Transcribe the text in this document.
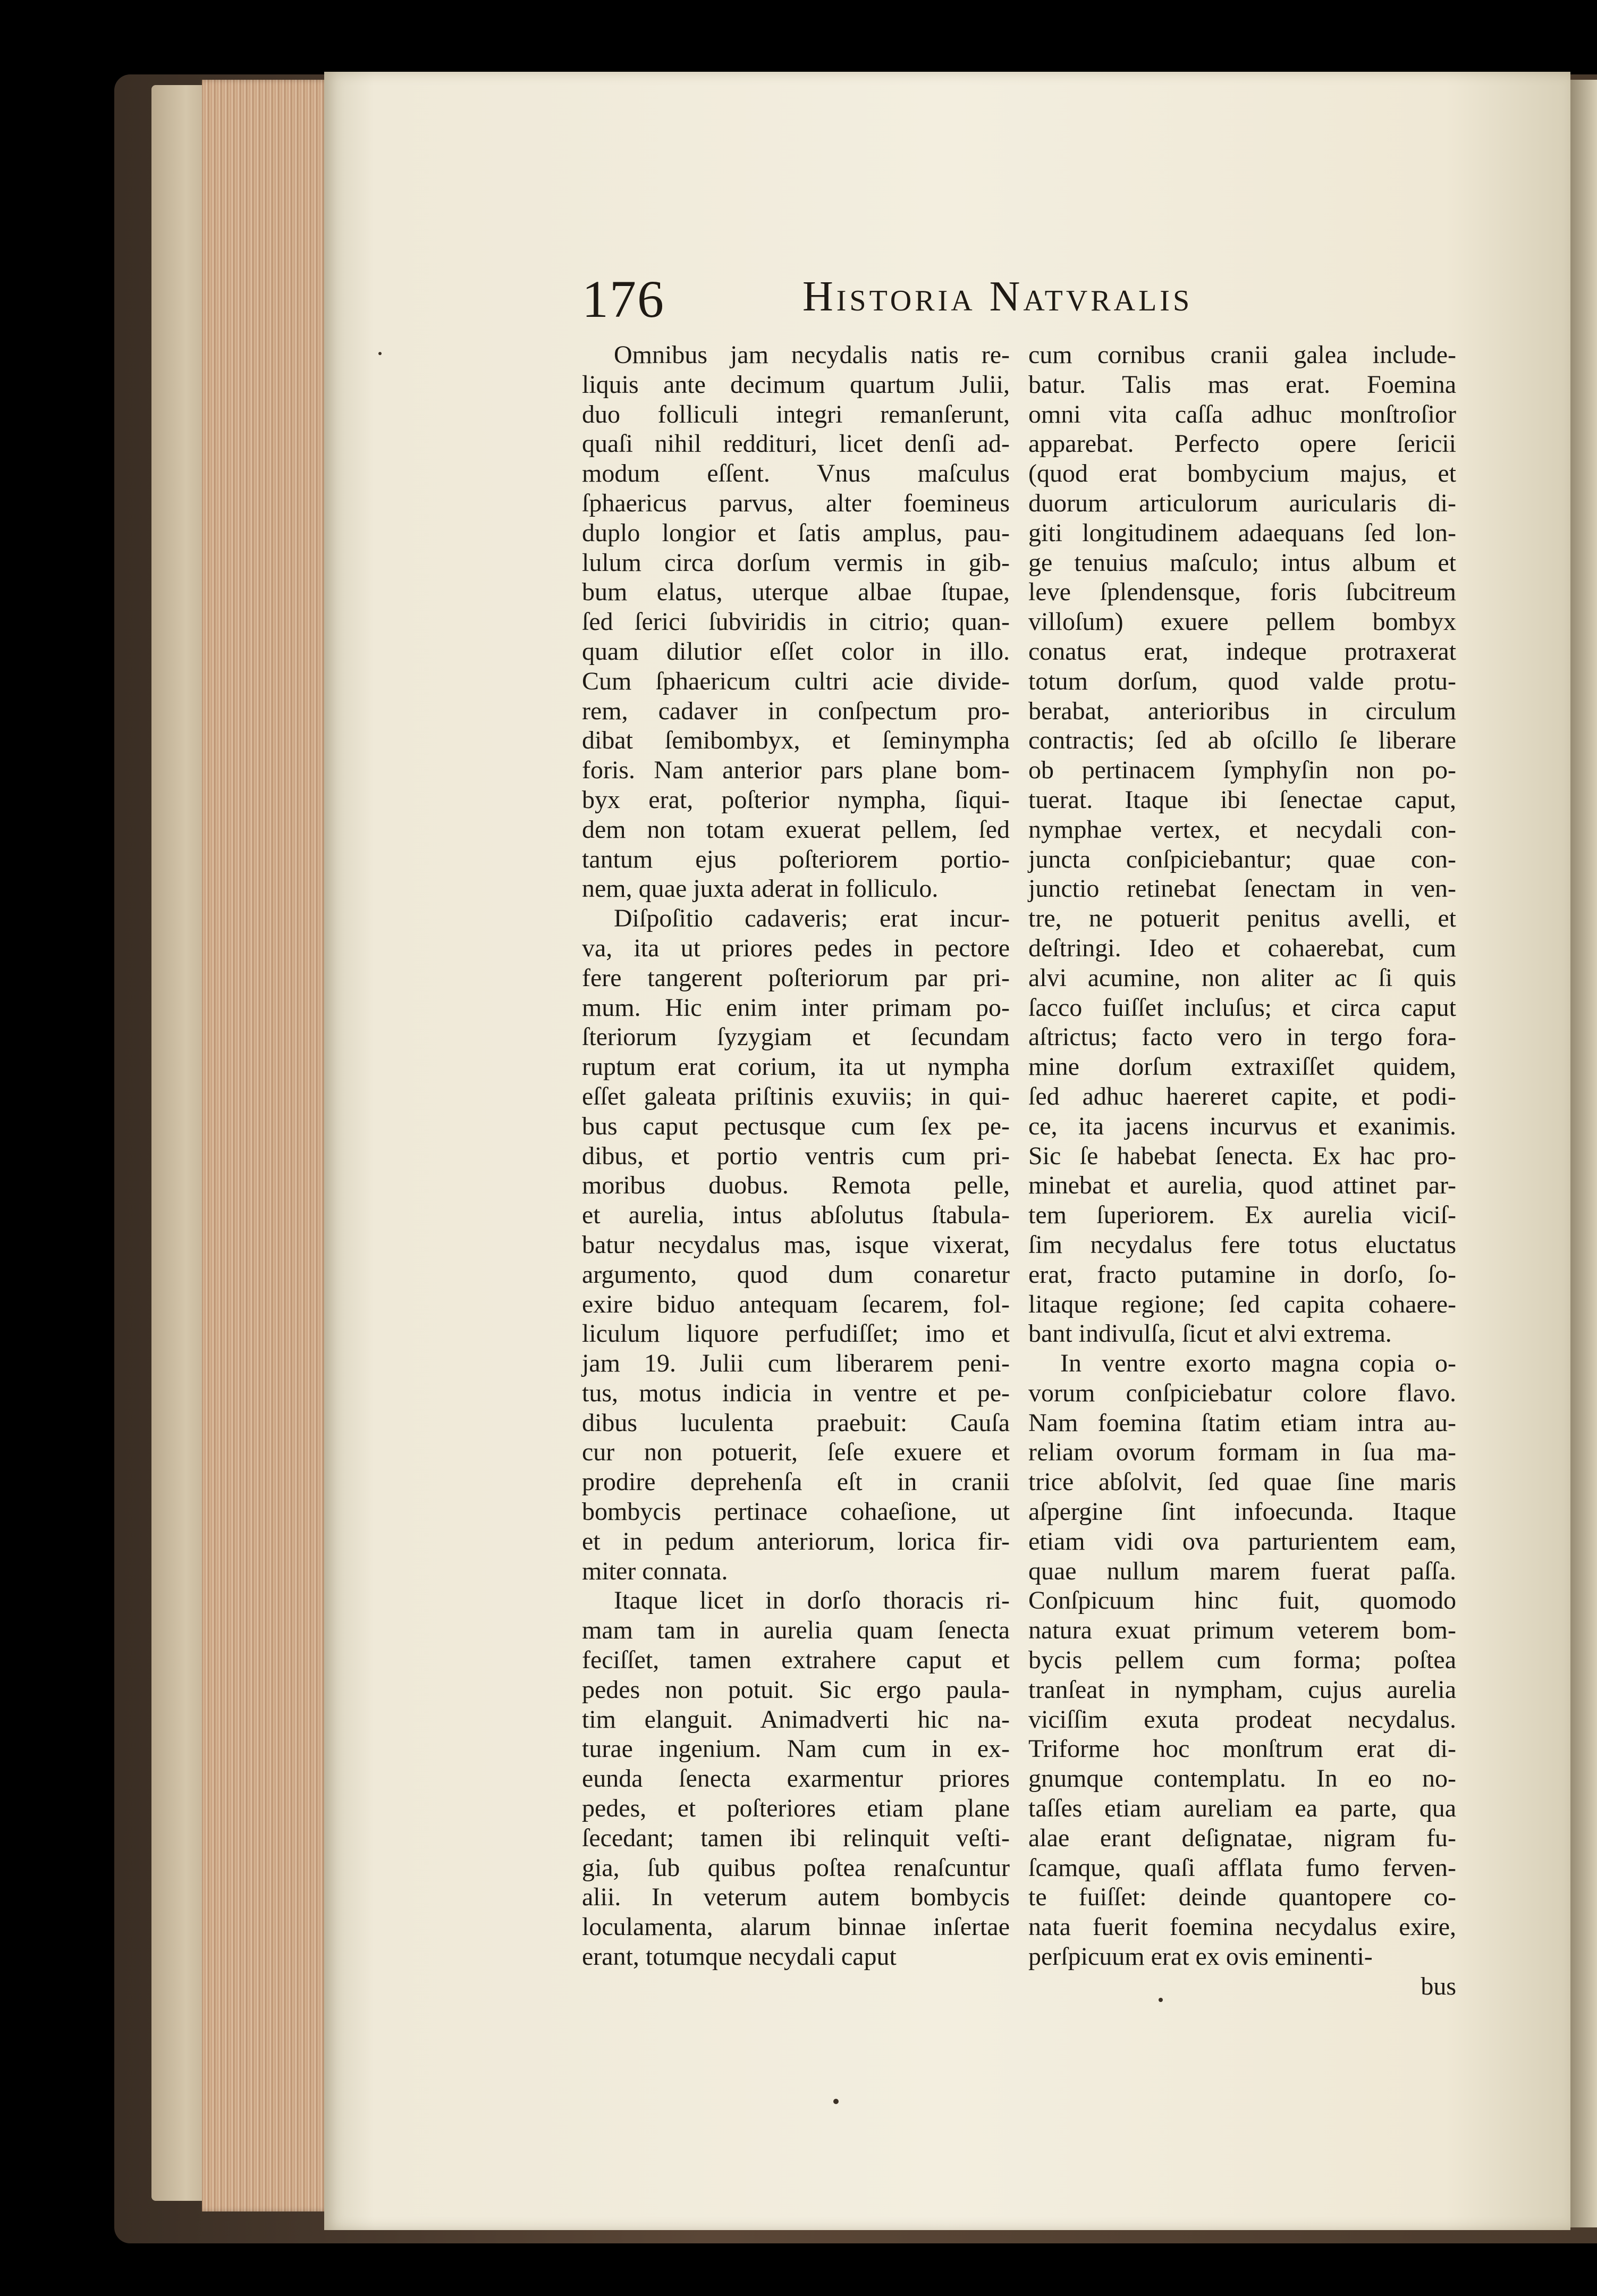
176	Historia Natvralis
Omnibus jam necydalis natis re-
liquis ante decimum quartum Julii,
duo folliculi integri remanſerunt,
quaſi nihil reddituri, licet denſi ad-
modum eſſent. Vnus maſculus
ſphaericus parvus, alter foemineus
duplo longior et ſatis amplus, pau-
lulum circa dorſum vermis in gib-
bum elatus, uterque albae ſtupae,
ſed ſerici ſubviridis in citrio; quan-
quam dilutior eſſet color in illo.
Cum ſphaericum cultri acie divide-
rem, cadaver in conſpectum pro-
dibat ſemibombyx, et ſeminympha
foris. Nam anterior pars plane bom-
byx erat, poſterior nympha, ſiqui-
dem non totam exuerat pellem, ſed
tantum ejus poſteriorem portio-
nem, quae juxta aderat in folliculo.
Diſpoſitio cadaveris; erat incur-
va, ita ut priores pedes in pectore
fere tangerent poſteriorum par pri-
mum. Hic enim inter primam po-
ſteriorum ſyzygiam et ſecundam
ruptum erat corium, ita ut nympha
eſſet galeata priſtinis exuviis; in qui-
bus caput pectusque cum ſex pe-
dibus, et portio ventris cum pri-
moribus duobus. Remota pelle,
et aurelia, intus abſolutus ſtabula-
batur necydalus mas, isque vixerat,
argumento, quod dum conaretur
exire biduo antequam ſecarem, fol-
liculum liquore perfudiſſet; imo et
jam 19. Julii cum liberarem peni-
tus, motus indicia in ventre et pe-
dibus luculenta praebuit: Cauſa
cur non potuerit, ſeſe exuere et
prodire deprehenſa eſt in cranii
bombycis pertinace cohaeſione, ut
et in pedum anteriorum, lorica fir-
miter connata.
Itaque licet in dorſo thoracis ri-
mam tam in aurelia quam ſenecta
feciſſet, tamen extrahere caput et
pedes non potuit. Sic ergo paula-
tim elanguit. Animadverti hic na-
turae ingenium. Nam cum in ex-
eunda ſenecta exarmentur priores
pedes, et poſteriores etiam plane
ſecedant; tamen ibi relinquit veſti-
gia, ſub quibus poſtea renaſcuntur
alii. In veterum autem bombycis
loculamenta, alarum binnae inſertae
erant, totumque necydali caput
cum cornibus cranii galea include-
batur. Talis mas erat. Foemina
omni vita caſſa adhuc monſtroſior
apparebat. Perfecto opere ſericii
(quod erat bombycium majus, et
duorum articulorum auricularis di-
giti longitudinem adaequans ſed lon-
ge tenuius maſculo; intus album et
leve ſplendensque, foris ſubcitreum
villoſum) exuere pellem bombyx
conatus erat, indeque protraxerat
totum dorſum, quod valde protu-
berabat, anterioribus in circulum
contractis; ſed ab oſcillo ſe liberare
ob pertinacem ſymphyſin non po-
tuerat. Itaque ibi ſenectae caput,
nymphae vertex, et necydali con-
juncta conſpiciebantur; quae con-
junctio retinebat ſenectam in ven-
tre, ne potuerit penitus avelli, et
deſtringi. Ideo et cohaerebat, cum
alvi acumine, non aliter ac ſi quis
ſacco fuiſſet incluſus; et circa caput
aſtrictus; facto vero in tergo fora-
mine dorſum extraxiſſet quidem,
ſed adhuc haereret capite, et podi-
ce, ita jacens incurvus et exanimis.
Sic ſe habebat ſenecta. Ex hac pro-
minebat et aurelia, quod attinet par-
tem ſuperiorem. Ex aurelia viciſ-
ſim necydalus fere totus eluctatus
erat, fracto putamine in dorſo, ſo-
litaque regione; ſed capita cohaere-
bant indivulſa, ſicut et alvi extrema.
In ventre exorto magna copia o-
vorum conſpiciebatur colore flavo.
Nam foemina ſtatim etiam intra au-
reliam ovorum formam in ſua ma-
trice abſolvit, ſed quae ſine maris
aſpergine ſint infoecunda. Itaque
etiam vidi ova parturientem eam,
quae nullum marem fuerat paſſa.
Conſpicuum hinc fuit, quomodo
natura exuat primum veterem bom-
bycis pellem cum forma; poſtea
tranſeat in nympham, cujus aurelia
viciſſim exuta prodeat necydalus.
Triforme hoc monſtrum erat di-
gnumque contemplatu. In eo no-
taſſes etiam aureliam ea parte, qua
alae erant deſignatae, nigram fu-
ſcamque, quaſi afflata fumo ferven-
te fuiſſet: deinde quantopere co-
nata fuerit foemina necydalus exire,
perſpicuum erat ex ovis eminenti-
bus
